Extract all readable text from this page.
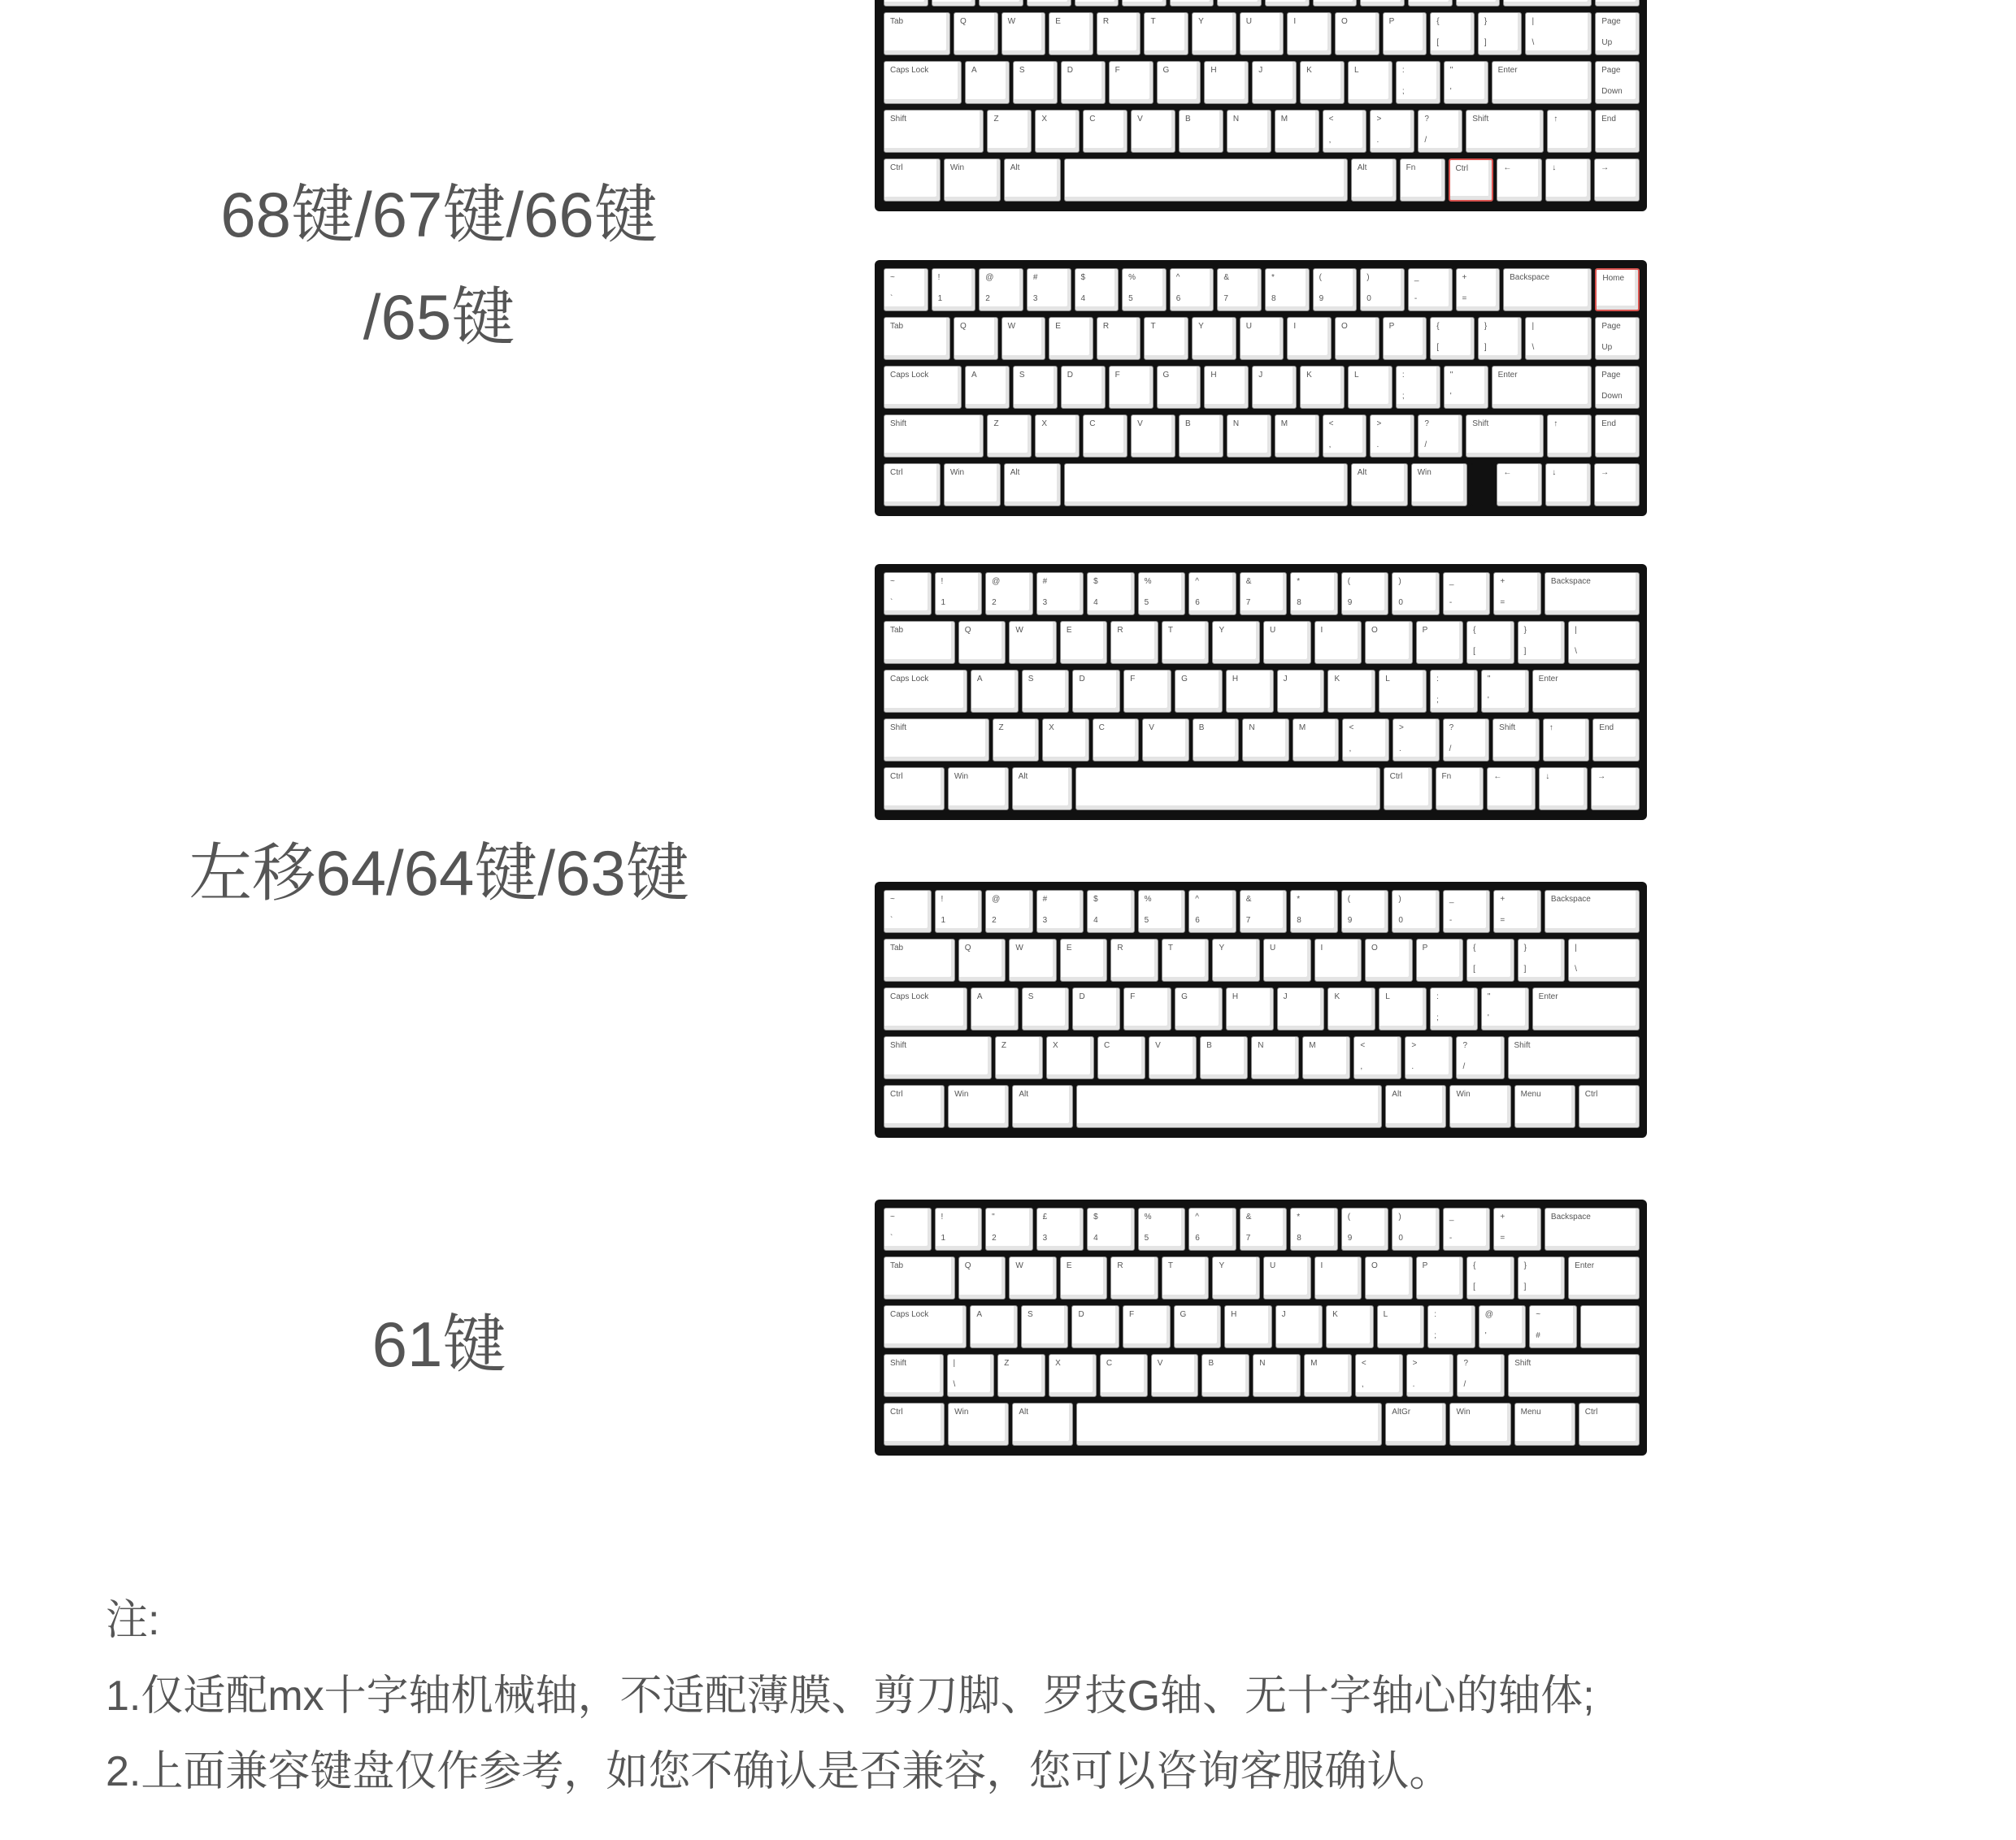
68键/67键/66键
/65键
左移64/64键/63键
61键
Tab	Q	W	E	R	T	Y	U	I	O	P	{
[
}
]
|
\
Page
Up
Caps Lock	A	S	D	F	G	H	J	K	L	:
;
"
'
Enter	Page
Down
Shift	Z	X	C	V	B	N	M	<
,
>
.
?
/
Shift	↑	End
Ctrl	Win	Alt	Alt	Fn	Ctrl	←	↓	→
~
`
!
1
@
2
#
3
$
4
%
5
^
6
&
7
*
8
(
9
)
0
_
-
+
=
Backspace	Home
Tab	Q	W	E	R	T	Y	U	I	O	P	{
[
}
]
|
\
Page
Up
Caps Lock	A	S	D	F	G	H	J	K	L	:
;
"
'
Enter	Page
Down
Shift	Z	X	C	V	B	N	M	<
,
>
.
?
/
Shift	↑	End
Ctrl	Win	Alt	Alt	Win	←	↓	→
~
`
!
1
@
2
#
3
$
4
%
5
^
6
&
7
*
8
(
9
)
0
_
-
+
=
Backspace
Tab	Q	W	E	R	T	Y	U	I	O	P	{
[
}
]
|
\
Caps Lock	A	S	D	F	G	H	J	K	L	:
;
"
'
Enter
Shift	Z	X	C	V	B	N	M	<
,
>
.
?
/
Shift	↑	End
Ctrl	Win	Alt	Ctrl	Fn	←	↓	→
~
`
!
1
@
2
#
3
$
4
%
5
^
6
&
7
*
8
(
9
)
0
_
-
+
=
Backspace
Tab	Q	W	E	R	T	Y	U	I	O	P	{
[
}
]
|
\
Caps Lock	A	S	D	F	G	H	J	K	L	:
;
"
'
Enter
Shift	Z	X	C	V	B	N	M	<
,
>
.
?
/
Shift
Ctrl	Win	Alt	Alt	Win	Menu	Ctrl
~
`
!
1
"
2
£
3
$
4
%
5
^
6
&
7
*
8
(
9
)
0
_
-
+
=
Backspace
Tab	Q	W	E	R	T	Y	U	I	O	P	{
[
}
]
Enter
Caps Lock	A	S	D	F	G	H	J	K	L	:
;
@
'
~
#
Shift	|
\
Z	X	C	V	B	N	M	<
,
>
.
?
/
Shift
Ctrl	Win	Alt	AltGr	Win	Menu	Ctrl
注:
1.仅适配mx十字轴机械轴，不适配薄膜、剪刀脚、罗技G轴、无十字轴心的轴体;
2.上面兼容键盘仅作参考，如您不确认是否兼容，您可以咨询客服确认。
